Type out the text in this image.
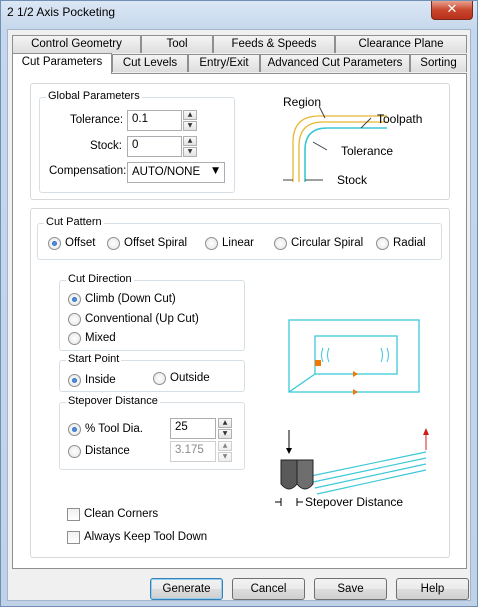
2 1/2 Axis Pocketing	✕
Control Geometry	Tool	Feeds & Speeds	Clearance Plane
Cut Parameters	Cut Levels	Entry/Exit	Advanced Cut Parameters	Sorting
Global Parameters
Tolerance: 0.1	▲
▼
Stock: 0	▲
▼
Compensation: AUTO/NONE ▼
Region
Toolpath
Tolerance
Stock
Cut Pattern
Offset Offset Spiral	Linear	Circular Spiral	Radial
Cut Direction
Climb (Down Cut)
Conventional (Up Cut)
Mixed
Start Point
Inside	Outside
Stepover Distance
% Tool Dia.	25	▲
▼
Distance	3.175	▲
▼
Clean Corners
Always Keep Tool Down
Stepover Distance
Generate	Cancel	Save	Help
